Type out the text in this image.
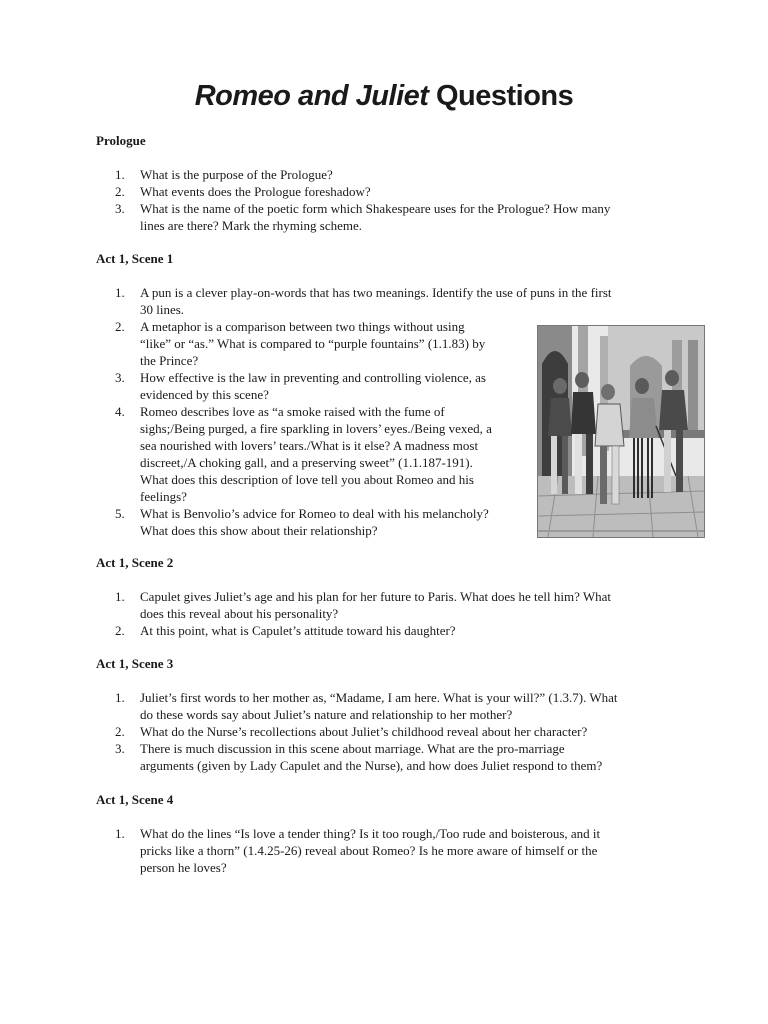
Romeo and Juliet Questions
Prologue
1.	What is the purpose of the Prologue?
2.	What events does the Prologue foreshadow?
3.	What is the name of the poetic form which Shakespeare uses for the Prologue? How many
lines are there? Mark the rhyming scheme.
Act 1, Scene 1
1.	A pun is a clever play-on-words that has two meanings. Identify the use of puns in the first
30 lines.
2.	A metaphor is a comparison between two things without using
“like” or “as.” What is compared to “purple fountains” (1.1.83) by
the Prince?
3.	How effective is the law in preventing and controlling violence, as
evidenced by this scene?
4.	Romeo describes love as “a smoke raised with the fume of
sighs;/Being purged, a fire sparkling in lovers’ eyes./Being vexed, a
sea nourished with lovers’ tears./What is it else? A madness most
discreet,/A choking gall, and a preserving sweet” (1.1.187-191).
What does this description of love tell you about Romeo and his
feelings?
5.	What is Benvolio’s advice for Romeo to deal with his melancholy?
What does this show about their relationship?
Act 1, Scene 2
1.	Capulet gives Juliet’s age and his plan for her future to Paris. What does he tell him? What
does this reveal about his personality?
2.	At this point, what is Capulet’s attitude toward his daughter?
Act 1, Scene 3
1.	Juliet’s first words to her mother as, “Madame, I am here. What is your will?” (1.3.7). What
do these words say about Juliet’s nature and relationship to her mother?
2.	What do the Nurse’s recollections about Juliet’s childhood reveal about her character?
3.	There is much discussion in this scene about marriage. What are the pro-marriage
arguments (given by Lady Capulet and the Nurse), and how does Juliet respond to them?
Act 1, Scene 4
1.	What do the lines “Is love a tender thing? Is it too rough,/Too rude and boisterous, and it
pricks like a thorn” (1.4.25-26) reveal about Romeo? Is he more aware of himself or the
person he loves?
